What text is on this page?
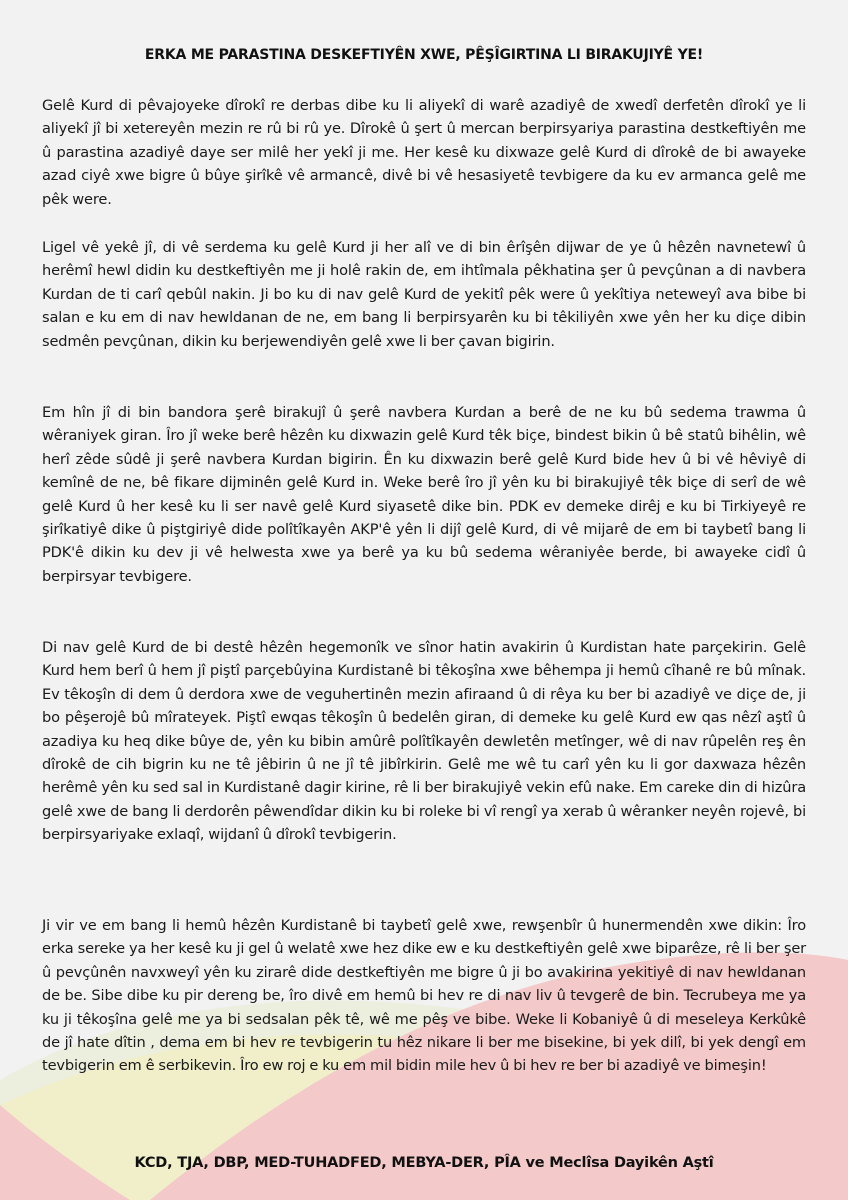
ERKA ME PARASTINA DESKEFTIYÊN XWE, PÊŞÎGIRTINA LI BIRAKUJIYÊ YE!

Gelê Kurd di pêvajoyeke dîrokî re derbas dibe ku li aliyekî di warê azadiyê de xwedî derfetên dîrokî ye li aliyekî jî bi xetereyên mezin re rû bi rû ye. Dîrokê û şert û mercan berpirsyariya parastina destkeftiyên me û parastina azadiyê daye ser milê her yekî ji me. Her kesê ku dixwaze gelê Kurd di dîrokê de bi awayeke azad ciyê xwe bigre û bûye şirîkê vê armancê, divê bi vê hesasiyetê tevbigere da ku ev armanca gelê me pêk were.

Ligel vê yekê jî, di vê serdema ku gelê Kurd ji her alî ve di bin êrîşên dijwar de ye û hêzên navnetewî û herêmî hewl didin ku destkeftiyên me ji holê rakin de, em ihtîmala pêkhatina şer û pevçûnan a di navbera Kurdan de ti carî qebûl nakin. Ji bo ku di nav gelê Kurd de yekitî pêk were û yekîtiya neteweyî ava bibe bi salan e ku em di nav hewldanan de ne, em bang li berpirsyarên ku bi têkiliyên xwe yên her ku diçe dibin sedmên pevçûnan, dikin ku berjewendiyên gelê xwe li ber çavan bigirin.

Em hîn jî di bin bandora şerê birakujî û şerê navbera Kurdan a berê de ne ku bû sedema trawma û wêraniyek giran. Îro jî weke berê hêzên ku dixwazin gelê Kurd têk biçe, bindest bikin û bê statû bihêlin, wê herî zêde sûdê ji şerê navbera Kurdan bigirin. Ên ku dixwazin berê gelê Kurd bide hev û bi vê hêviyê di kemînê de ne, bê fikare dijminên gelê Kurd in. Weke berê îro jî yên ku bi birakujiyê têk biçe di serî de wê gelê Kurd û her kesê ku li ser navê gelê Kurd siyasetê dike bin. PDK ev demeke dirêj e ku bi Tirkiyeyê re şirîkatiyê dike û piştgiriyê dide polîtîkayên AKP'ê yên li dijî gelê Kurd, di vê mijarê de em bi taybetî bang li PDK'ê dikin ku dev ji vê helwesta xwe ya berê ya ku bû sedema wêraniyêe berde, bi awayeke cidî û berpirsyar tevbigere.

Di nav gelê Kurd de bi destê hêzên hegemonîk ve sînor hatin avakirin û Kurdistan hate parçekirin. Gelê Kurd hem berî û hem jî piştî parçebûyina Kurdistanê bi têkoşîna xwe bêhempa ji hemû cîhanê re bû mînak. Ev têkoşîn di dem û derdora xwe de veguhertinên mezin afiraand û di rêya ku ber bi azadiyê ve diçe de, ji bo pêşerojê bû mîrateyek. Piştî ewqas têkoşîn û bedelên giran, di demeke ku gelê Kurd ew qas nêzî aştî û azadiya ku heq dike bûye de, yên ku bibin amûrê polîtîkayên dewletên metînger, wê di nav rûpelên reş ên dîrokê de cih bigrin ku ne tê jêbirin û ne jî tê jibîrkirin. Gelê me wê tu carî yên ku li gor daxwaza hêzên herêmê yên ku sed sal in Kurdistanê dagir kirine, rê li ber birakujiyê vekin efû nake. Em careke din di hizûra gelê xwe de bang li derdorên pêwendîdar dikin ku bi roleke bi vî rengî ya xerab û wêranker neyên rojevê, bi berpirsyariyake exlaqî, wijdanî û dîrokî tevbigerin.

Ji vir ve em bang li hemû hêzên Kurdistanê bi taybetî gelê xwe, rewşenbîr û hunermendên xwe dikin: Îro erka sereke ya her kesê ku ji gel û welatê xwe hez dike ew e ku destkeftiyên gelê xwe biparêze, rê li ber şer û pevçûnên navxweyî yên ku zirarê dide destkeftiyên me bigre û ji bo avakirina yekitiyê di nav hewldanan de be. Sibe dibe ku pir dereng be, îro divê em hemû bi hev re di nav liv û tevgerê de bin. Tecrubeya me ya ku ji têkoşîna gelê me ya bi sedsalan pêk tê, wê me pêş ve bibe. Weke li Kobaniyê û di meseleya Kerkûkê de jî hate dîtin , dema em bi hev re tevbigerin tu hêz nikare li ber me bisekine, bi yek dilî, bi yek dengî em tevbigerin em ê serbikevin. Îro ew roj e ku em mil bidin mile hev û bi hev re ber bi azadiyê ve bimeşin!

KCD, TJA, DBP, MED-TUHADFED, MEBYA-DER, PÎA ve Meclîsa Dayikên Aştî
